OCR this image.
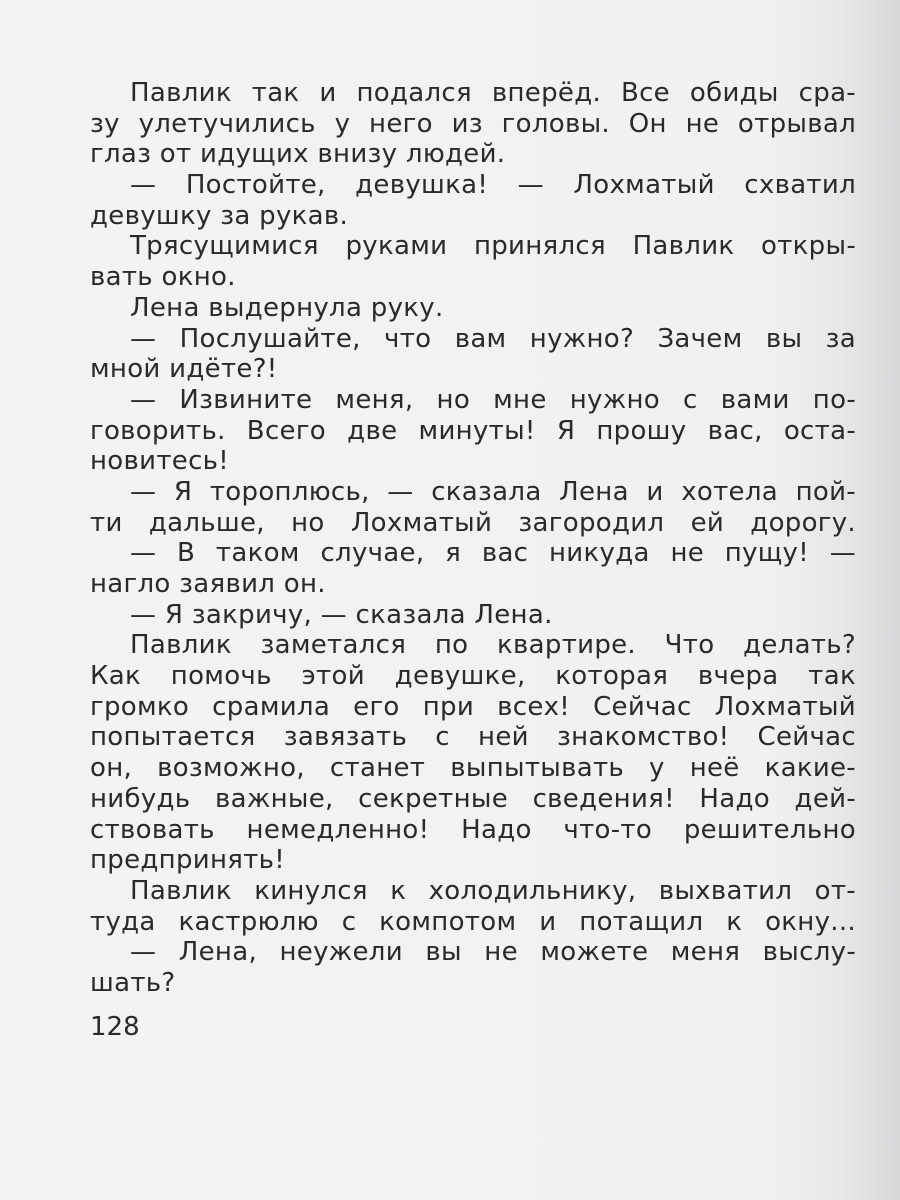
Павлик так и подался вперёд. Все обиды сра-
зу улетучились у него из головы. Он не отрывал
глаз от идущих внизу людей.
— Постойте, девушка! — Лохматый схватил
девушку за рукав.
Трясущимися руками принялся Павлик откры-
вать окно.
Лена выдернула руку.
— Послушайте, что вам нужно? Зачем вы за
мной идёте?!
— Извините меня, но мне нужно с вами по-
говорить. Всего две минуты! Я прошу вас, оста-
новитесь!
— Я тороплюсь, — сказала Лена и хотела пой-
ти дальше, но Лохматый загородил ей дорогу.
— В таком случае, я вас никуда не пущу! —
нагло заявил он.
— Я закричу, — сказала Лена.
Павлик заметался по квартире. Что делать?
Как помочь этой девушке, которая вчера так
громко срамила его при всех! Сейчас Лохматый
попытается завязать с ней знакомство! Сейчас
он, возможно, станет выпытывать у неё какие-
нибудь важные, секретные сведения! Надо дей-
ствовать немедленно! Надо что-то решительно
предпринять!
Павлик кинулся к холодильнику, выхватил от-
туда кастрюлю с компотом и потащил к окну...
— Лена, неужели вы не можете меня выслу-
шать?
128
